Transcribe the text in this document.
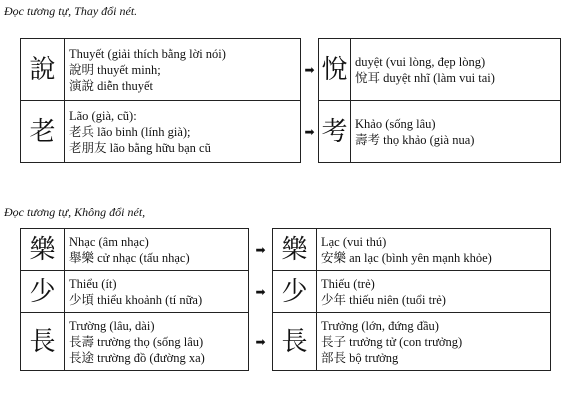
Đọc tương tự, Thay đổi nét.
說	Thuyết (giải thích bằng lời nói)
說明 thuyết minh;
演說 diễn thuyết	➡	悅	duyệt (vui lòng, đẹp lòng)
悅耳 duyệt nhĩ (làm vui tai)

老	Lão (già, cũ):
老兵 lão binh (lính già);
老朋友 lão bằng hữu bạn cũ	➡	考	Khảo (sống lâu)
壽考 thọ khảo (già nua)
Đọc tương tự, Không đổi nét,
樂	Nhạc (âm nhạc)
舉樂 cử nhạc (tấu nhạc)	➡	樂	Lạc (vui thú)
安樂 an lạc (bình yên mạnh khỏe)

少	Thiểu (ít)
少頃 thiểu khoảnh (tí nữa)	➡	少	Thiếu (trẻ)
少年 thiếu niên (tuổi trẻ)

長	Trường (lâu, dài)
長壽 trường thọ (sống lâu)
長途 trường đồ (đường xa)	➡	長	Trưởng (lớn, đứng đầu)
長子 trưởng tử (con trưởng)
部長 bộ trưởng
